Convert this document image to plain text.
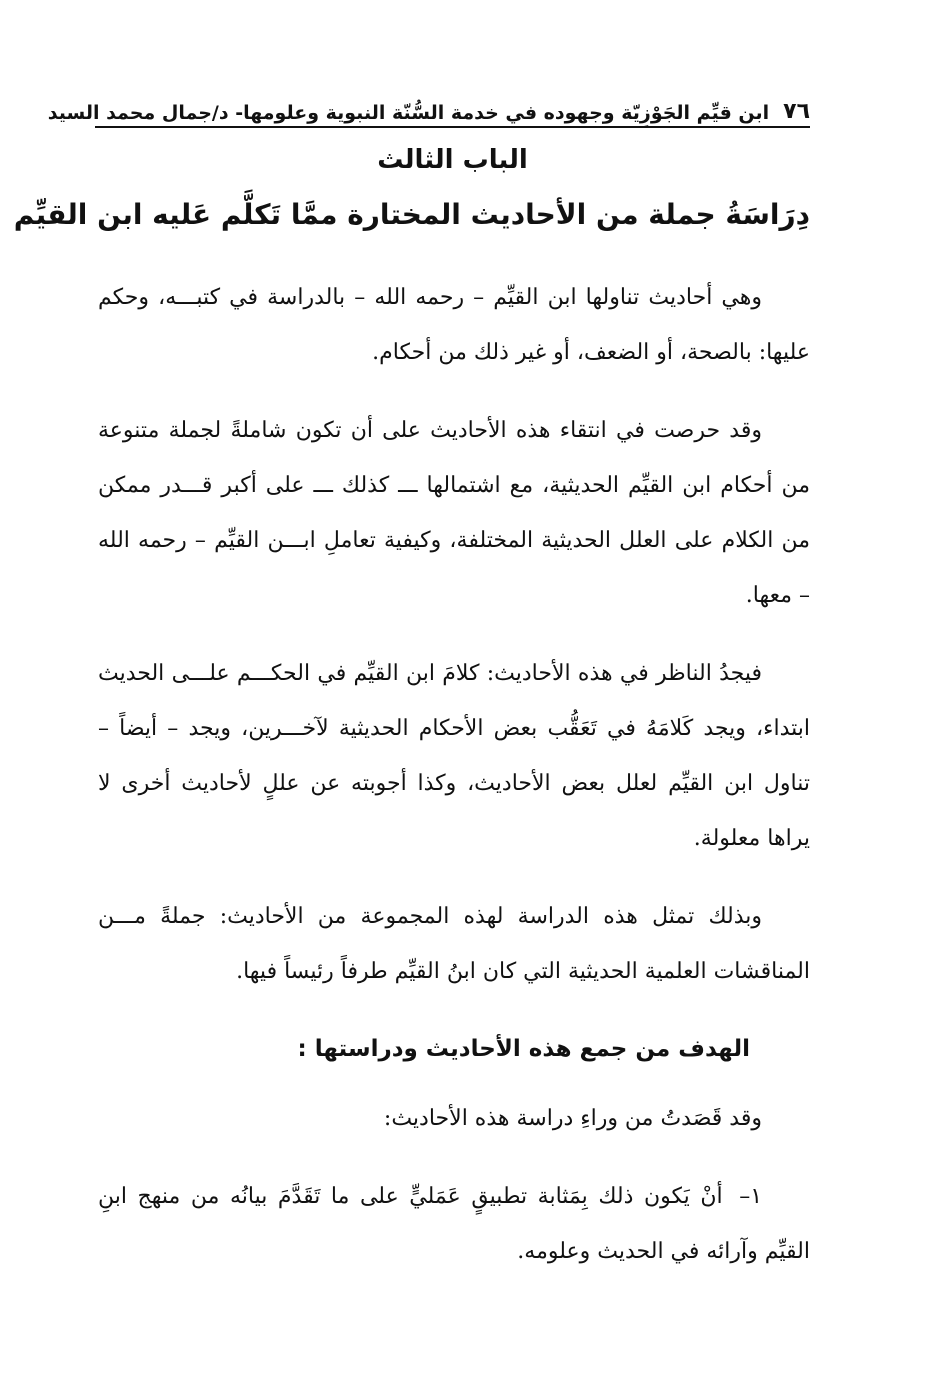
٧٦
ابن قيِّم الجَوْزِيّة وجهوده في خدمة السُّنّة النبوية وعلومها- د/جمال محمد السيد
الباب الثالث
دِرَاسَةُ جملة من الأحاديث المختارة ممَّا تَكلَّم عَليه ابن القيِّم

وهي أحاديث تناولها ابن القيِّم – رحمه الله – بالدراسة في كتبـــه، وحكم عليها: بالصحة، أو الضعف، أو غير ذلك من أحكام.

وقد حرصت في انتقاء هذه الأحاديث على أن تكون شاملةً لجملة متنوعة من أحكام ابن القيِّم الحديثية، مع اشتمالها ـــ كذلك ـــ على أكبر قـــدر ممكن من الكلام على العلل الحديثية المختلفة، وكيفية تعاملِ ابـــن القيِّم – رحمه الله – معها.

فيجدُ الناظر في هذه الأحاديث: كلامَ ابن القيِّم في الحكـــم علـــى الحديث ابتداء، ويجد كَلامَهُ في تَعَقُّب بعض الأحكام الحديثية لآخـــرين، ويجد – أيضاً – تناول ابن القيِّم لعلل بعض الأحاديث، وكذا أجوبته عن عللٍ لأحاديث أخرى لا يراها معلولة.

وبذلك تمثل هذه الدراسة لهذه المجموعة من الأحاديث: جملةً مـــن المناقشات العلمية الحديثية التي كان ابنُ القيِّم طرفاً رئيساً فيها.

الهدف من جمع هذه الأحاديث ودراستها :

وقد قَصَدتُ من وراءِ دراسة هذه الأحاديث:

١– أنْ يَكون ذلك بِمَثابة تطبيقٍ عَمَليٍّ على ما تَقَدَّمَ بيانُه من منهج ابنِ القيِّم وآرائه في الحديث وعلومه.
